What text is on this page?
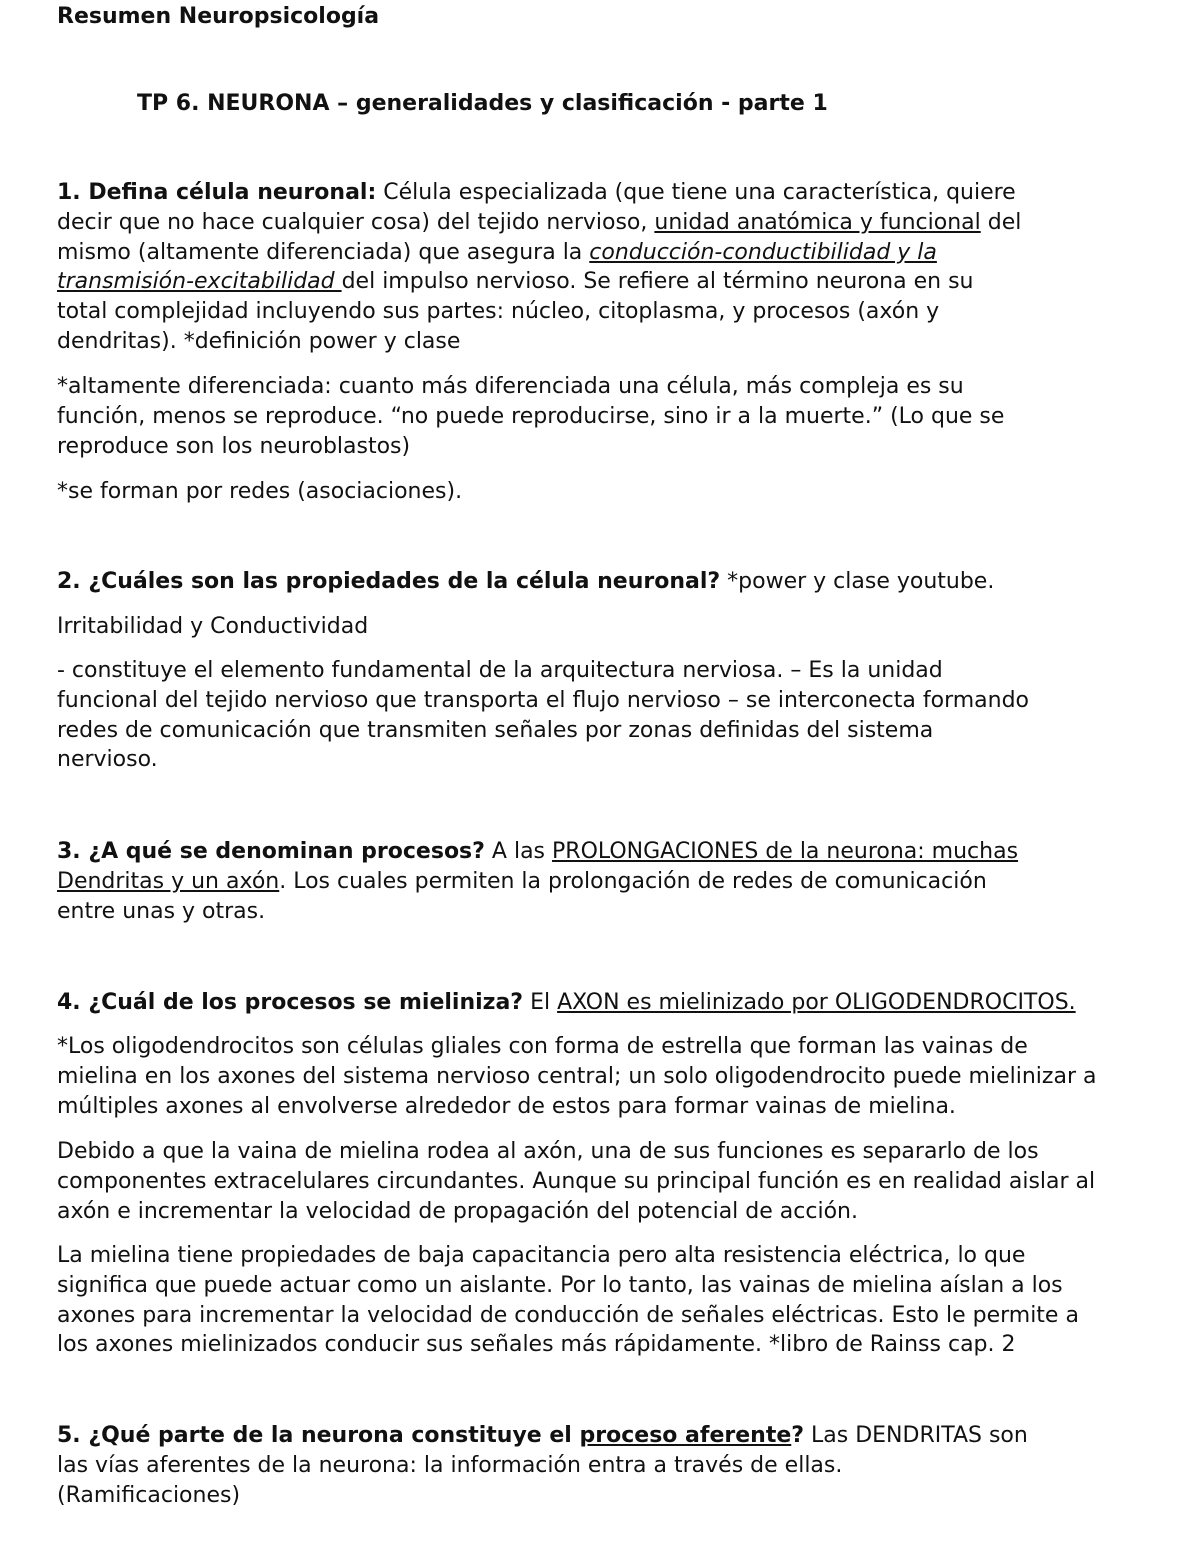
Resumen Neuropsicología
TP 6. NEURONA – generalidades y clasificación - parte 1
1. Defina célula neuronal: Célula especializada (que tiene una característica, quiere
decir que no hace cualquier cosa) del tejido nervioso, unidad anatómica y funcional del
mismo (altamente diferenciada) que asegura la conducción-conductibilidad y la
transmisión-excitabilidad del impulso nervioso. Se refiere al término neurona en su
total complejidad incluyendo sus partes: núcleo, citoplasma, y procesos (axón y
dendritas). *definición power y clase
*altamente diferenciada: cuanto más diferenciada una célula, más compleja es su
función, menos se reproduce. “no puede reproducirse, sino ir a la muerte.” (Lo que se
reproduce son los neuroblastos)
*se forman por redes (asociaciones).
2. ¿Cuáles son las propiedades de la célula neuronal? *power y clase youtube.
Irritabilidad y Conductividad
- constituye el elemento fundamental de la arquitectura nerviosa. – Es la unidad
funcional del tejido nervioso que transporta el flujo nervioso – se interconecta formando
redes de comunicación que transmiten señales por zonas definidas del sistema
nervioso.
3. ¿A qué se denominan procesos? A las PROLONGACIONES de la neurona: muchas
Dendritas y un axón. Los cuales permiten la prolongación de redes de comunicación
entre unas y otras.
4. ¿Cuál de los procesos se mieliniza? El AXON es mielinizado por OLIGODENDROCITOS.
*Los oligodendrocitos son células gliales con forma de estrella que forman las vainas de
mielina en los axones del sistema nervioso central; un solo oligodendrocito puede mielinizar a
múltiples axones al envolverse alrededor de estos para formar vainas de mielina.
Debido a que la vaina de mielina rodea al axón, una de sus funciones es separarlo de los
componentes extracelulares circundantes. Aunque su principal función es en realidad aislar al
axón e incrementar la velocidad de propagación del potencial de acción.
La mielina tiene propiedades de baja capacitancia pero alta resistencia eléctrica, lo que
significa que puede actuar como un aislante. Por lo tanto, las vainas de mielina aíslan a los
axones para incrementar la velocidad de conducción de señales eléctricas. Esto le permite a
los axones mielinizados conducir sus señales más rápidamente. *libro de Rainss cap. 2
5. ¿Qué parte de la neurona constituye el proceso aferente? Las DENDRITAS son
las vías aferentes de la neurona: la información entra a través de ellas.
(Ramificaciones)
